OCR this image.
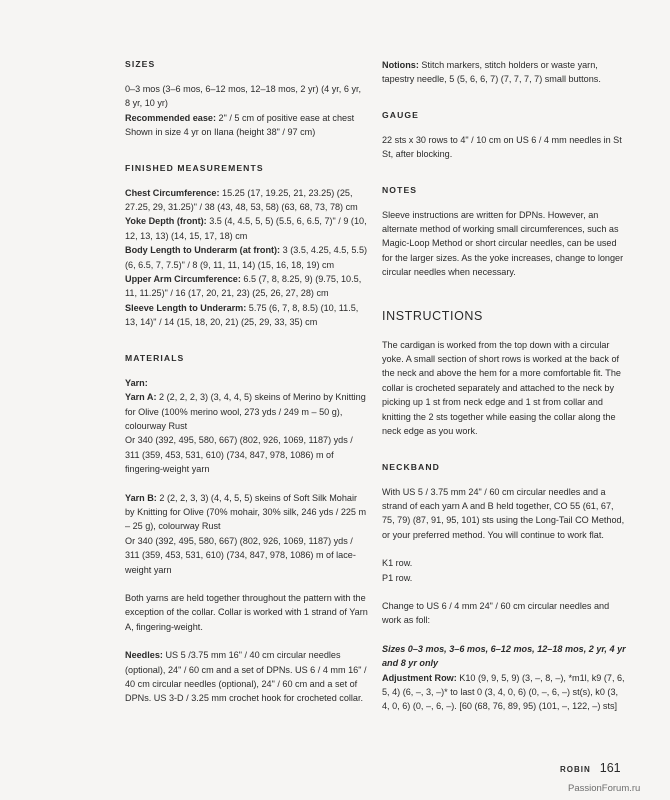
SIZES

0–3 mos (3–6 mos, 6–12 mos, 12–18 mos, 2 yr) (4 yr, 6 yr, 8 yr, 10 yr)

Recommended ease: 2" / 5 cm of positive ease at chest Shown in size 4 yr on Ilana (height 38" / 97 cm)

FINISHED MEASUREMENTS

Chest Circumference: 15.25 (17, 19.25, 21, 23.25) (25, 27.25, 29, 31.25)" / 38 (43, 48, 53, 58) (63, 68, 73, 78) cm

Yoke Depth (front): 3.5 (4, 4.5, 5, 5) (5.5, 6, 6.5, 7)" / 9 (10, 12, 13, 13) (14, 15, 17, 18) cm

Body Length to Underarm (at front): 3 (3.5, 4.25, 4.5, 5.5) (6, 6.5, 7, 7.5)" / 8 (9, 11, 11, 14) (15, 16, 18, 19) cm

Upper Arm Circumference: 6.5 (7, 8, 8.25, 9) (9.75, 10.5, 11, 11.25)" / 16 (17, 20, 21, 23) (25, 26, 27, 28) cm

Sleeve Length to Underarm: 5.75 (6, 7, 8, 8.5) (10, 11.5, 13, 14)" / 14 (15, 18, 20, 21) (25, 29, 33, 35) cm

MATERIALS

Yarn:

Yarn A: 2 (2, 2, 2, 3) (3, 4, 4, 5) skeins of Merino by Knitting for Olive (100% merino wool, 273 yds / 249 m – 50 g), colourway Rust

Or 340 (392, 495, 580, 667) (802, 926, 1069, 1187) yds / 311 (359, 453, 531, 610) (734, 847, 978, 1086) m of fingering-weight yarn

Yarn B: 2 (2, 2, 3, 3) (4, 4, 5, 5) skeins of Soft Silk Mohair by Knitting for Olive (70% mohair, 30% silk, 246 yds / 225 m – 25 g), colourway Rust

Or 340 (392, 495, 580, 667) (802, 926, 1069, 1187) yds / 311 (359, 453, 531, 610) (734, 847, 978, 1086) m of lace-weight yarn

Both yarns are held together throughout the pattern with the exception of the collar. Collar is worked with 1 strand of Yarn A, fingering-weight.

Needles: US 5 /3.75 mm 16" / 40 cm circular needles (optional), 24" / 60 cm and a set of DPNs. US 6 / 4 mm 16" / 40 cm circular needles (optional), 24" / 60 cm and a set of DPNs. US 3-D / 3.25 mm crochet hook for crocheted collar.

Notions: Stitch markers, stitch holders or waste yarn, tapestry needle, 5 (5, 6, 6, 7) (7, 7, 7, 7) small buttons.

GAUGE

22 sts x 30 rows to 4" / 10 cm on US 6 / 4 mm needles in St St, after blocking.

NOTES

Sleeve instructions are written for DPNs. However, an alternate method of working small circumferences, such as Magic-Loop Method or short circular needles, can be used for the larger sizes. As the yoke increases, change to longer circular needles when necessary.

INSTRUCTIONS

The cardigan is worked from the top down with a circular yoke. A small section of short rows is worked at the back of the neck and above the hem for a more comfortable fit. The collar is crocheted separately and attached to the neck by picking up 1 st from neck edge and 1 st from collar and knitting the 2 sts together while easing the collar along the neck edge as you work.

NECKBAND

With US 5 / 3.75 mm 24" / 60 cm circular needles and a strand of each yarn A and B held together, CO 55 (61, 67, 75, 79) (87, 91, 95, 101) sts using the Long-Tail CO Method, or your preferred method. You will continue to work flat.

K1 row.

P1 row.

Change to US 6 / 4 mm 24" / 60 cm circular needles and work as foll:

Sizes 0–3 mos, 3–6 mos, 6–12 mos, 12–18 mos, 2 yr, 4 yr and 8 yr only

Adjustment Row: K10 (9, 9, 5, 9) (3, –, 8, –), *m1l, k9 (7, 6, 5, 4) (6, –, 3, –)* to last 0 (3, 4, 0, 6) (0, –, 6, –) st(s), k0 (3, 4, 0, 6) (0, –, 6, –). [60 (68, 76, 89, 95) (101, –, 122, –) sts]

ROBIN 161
PassionForum.ru
